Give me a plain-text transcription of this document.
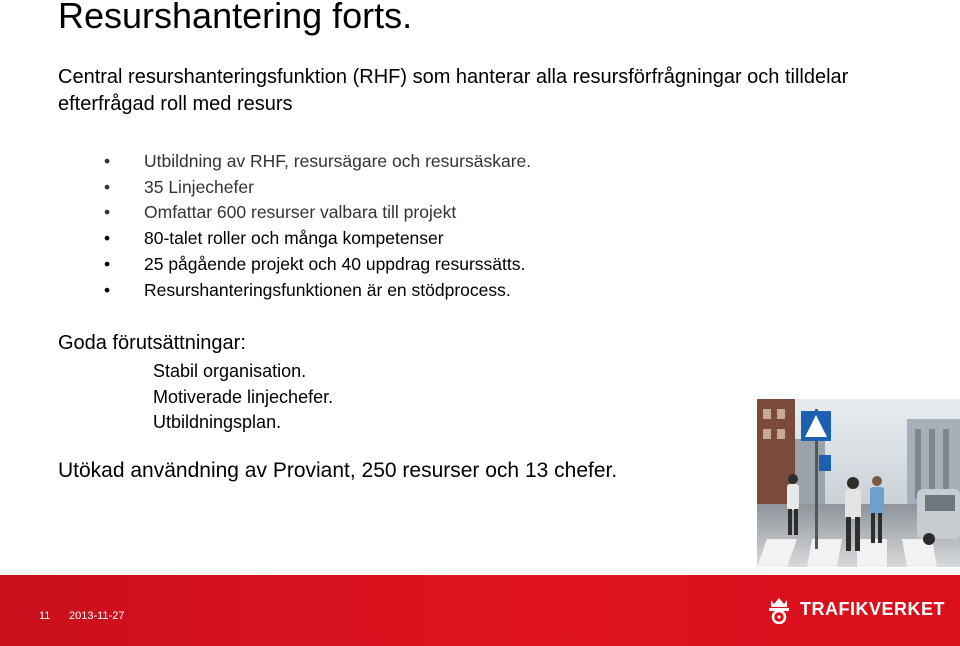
Resurshantering forts.
Central resurshanteringsfunktion (RHF) som hanterar alla resursförfrågningar och tilldelar efterfrågad roll med resurs
• Utbildning av RHF, resursägare och resursäskare.
• 35 Linjechefer
• Omfattar 600 resurser valbara till projekt
• 80-talet roller och många kompetenser
• 25 pågående projekt och 40 uppdrag resurssätts.
• Resurshanteringsfunktionen är en stödprocess.
Goda förutsättningar:
Stabil organisation.
Motiverade linjechefer.
Utbildningsplan.
Utökad användning av Proviant, 250 resurser och 13 chefer.
11 2013-11-27	TRAFIKVERKET
